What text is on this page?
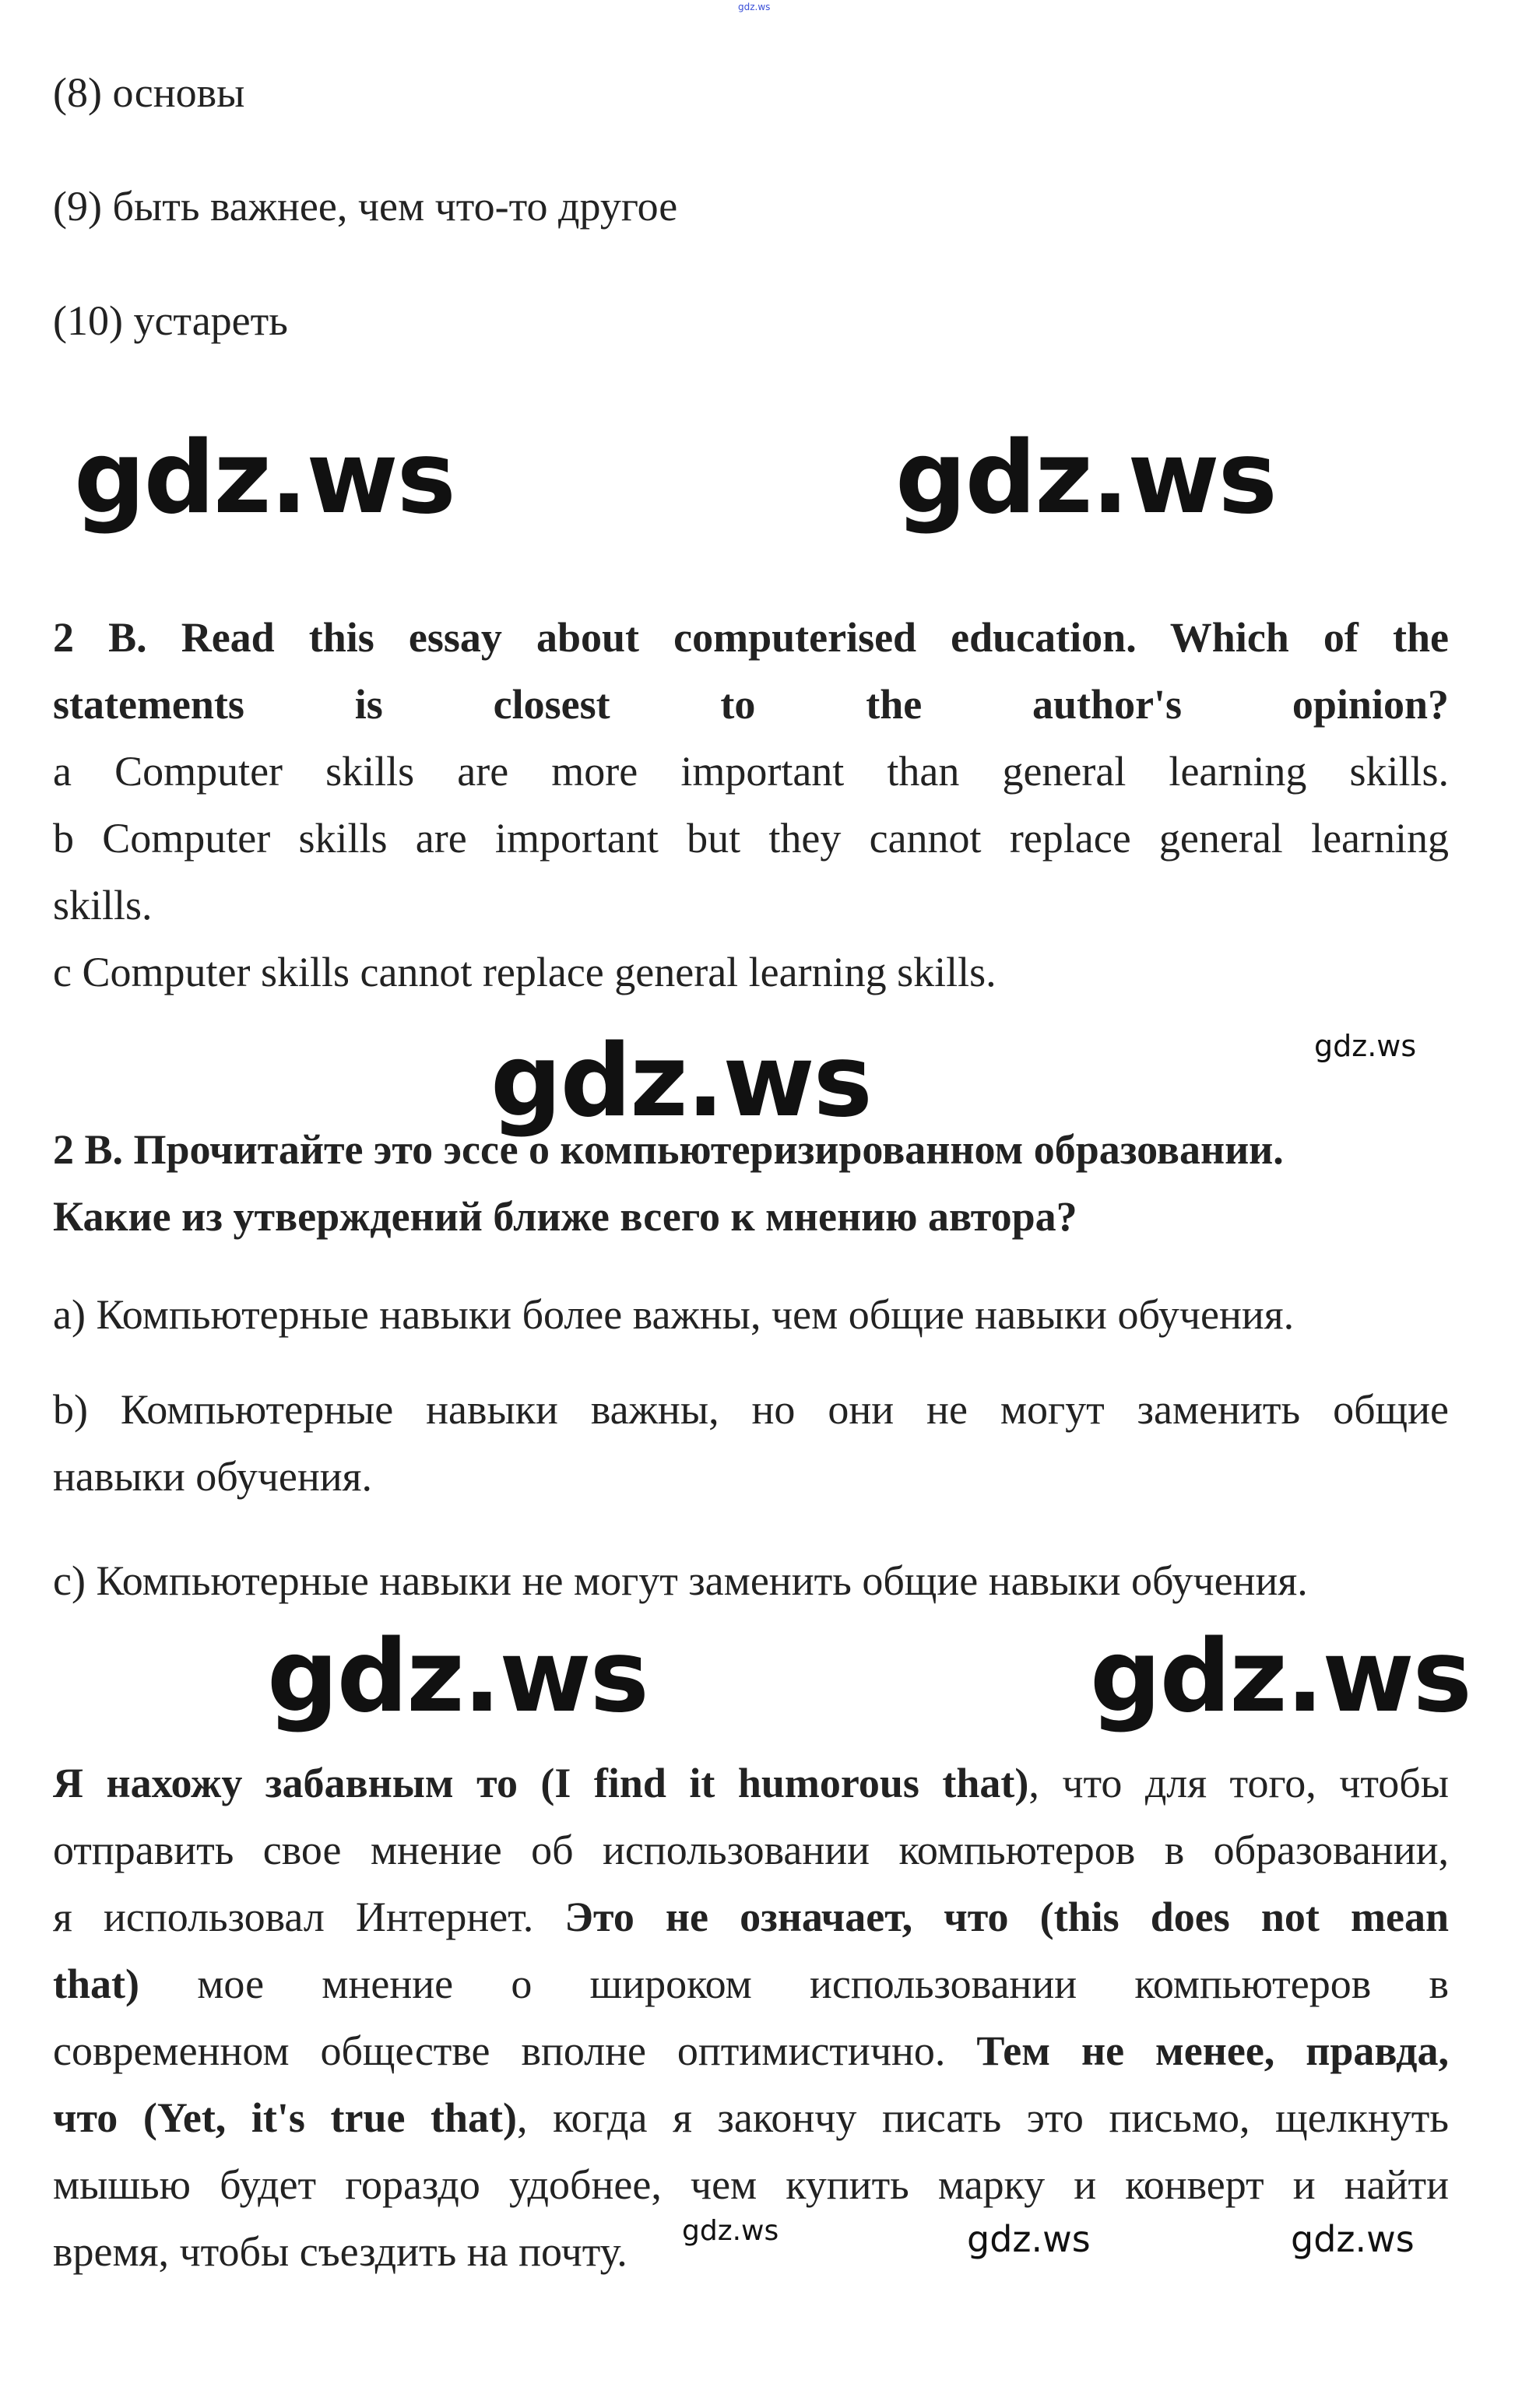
gdz.ws
(8) основы
(9) быть важнее, чем что-то другое
(10) устареть
gdz.ws	gdz.ws
2 B. Read this essay about computerised education. Which of the
statements is closest to the author's opinion?
a Computer skills are more important than general learning skills.
b Computer skills are important but they cannot replace general learning
skills.
c Computer skills cannot replace general learning skills.
gdz.ws	gdz.ws
2 B. Прочитайте это эссе о компьютеризированном образовании.
Какие из утверждений ближе всего к мнению автора?
а) Компьютерные навыки более важны, чем общие навыки обучения.
b) Компьютерные навыки важны, но они не могут заменить общие
навыки обучения.
c) Компьютерные навыки не могут заменить общие навыки обучения.
gdz.ws	gdz.ws
Я нахожу забавным то (I find it humorous that), что для того, чтобы
отправить свое мнение об использовании компьютеров в образовании,
я использовал Интернет. Это не означает, что (this does not mean
that) мое мнение о широком использовании компьютеров в
современном обществе вполне оптимистично. Тем не менее, правда,
что (Yet, it's true that), когда я закончу писать это письмо, щелкнуть
мышью будет гораздо удобнее, чем купить марку и конверт и найти
время, чтобы съездить на почту.	gdz.ws	gdz.ws	gdz.ws
